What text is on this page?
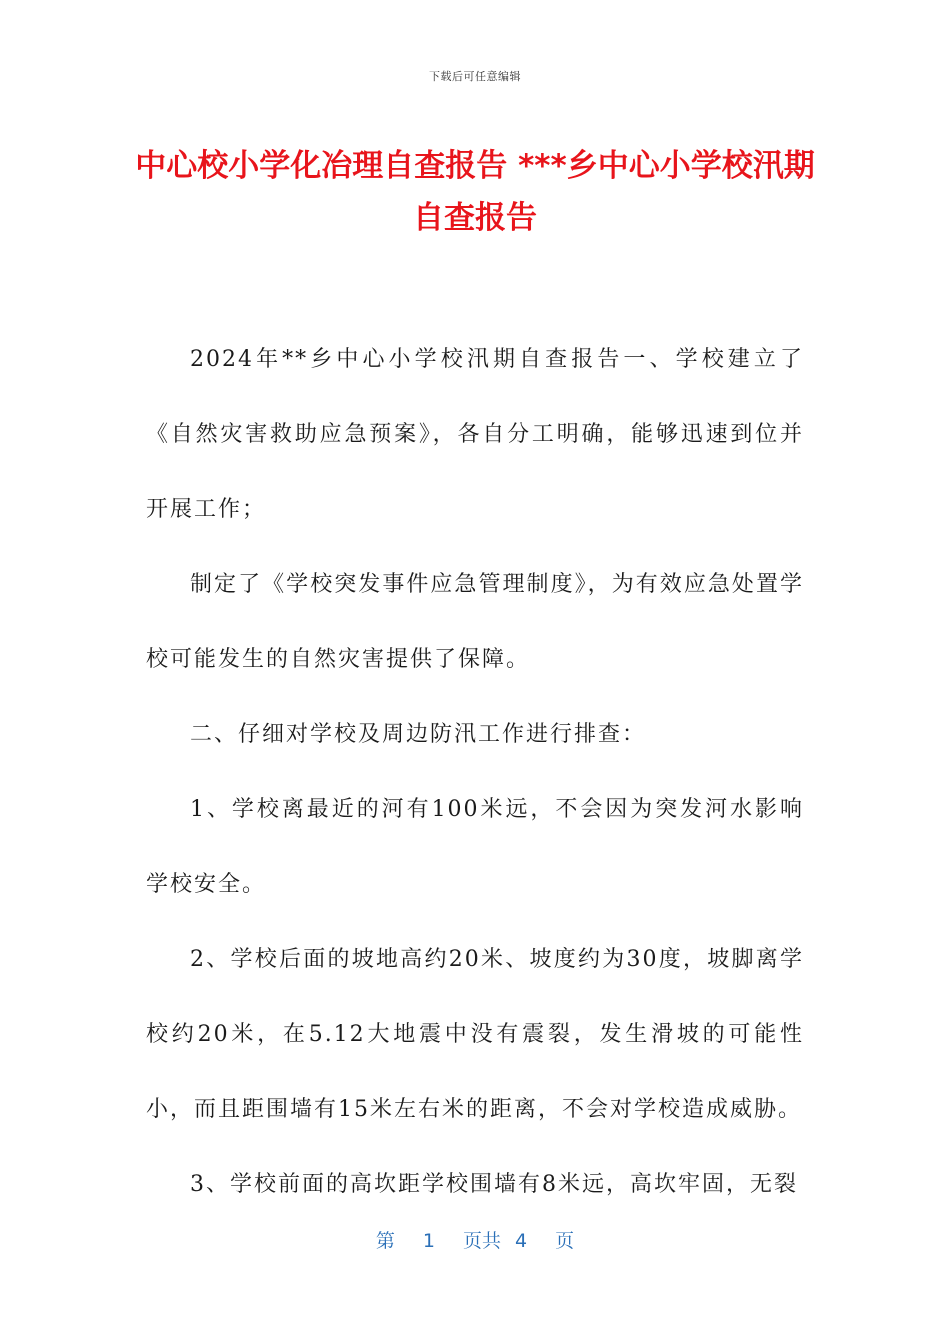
下载后可任意编辑
中心校小学化冶理自查报告 ***乡中心小学校汛期自查报告

2024年**乡中心小学校汛期自查报告一、学校建立了《自然灾害救助应急预案》，各自分工明确，能够迅速到位并开展工作；

制定了《学校突发事件应急管理制度》，为有效应急处置学校可能发生的自然灾害提供了保障。

二、仔细对学校及周边防汛工作进行排查：

1、学校离最近的河有100米远，不会因为突发河水影响学校安全。

2、学校后面的坡地高约20米、坡度约为30度，坡脚离学校约20米，在5.12大地震中没有震裂，发生滑坡的可能性小，而且距围墙有15米左右米的距离，不会对学校造成威胁。

3、学校前面的高坎距学校围墙有8米远，高坎牢固，无裂

第 1 页共 4 页
